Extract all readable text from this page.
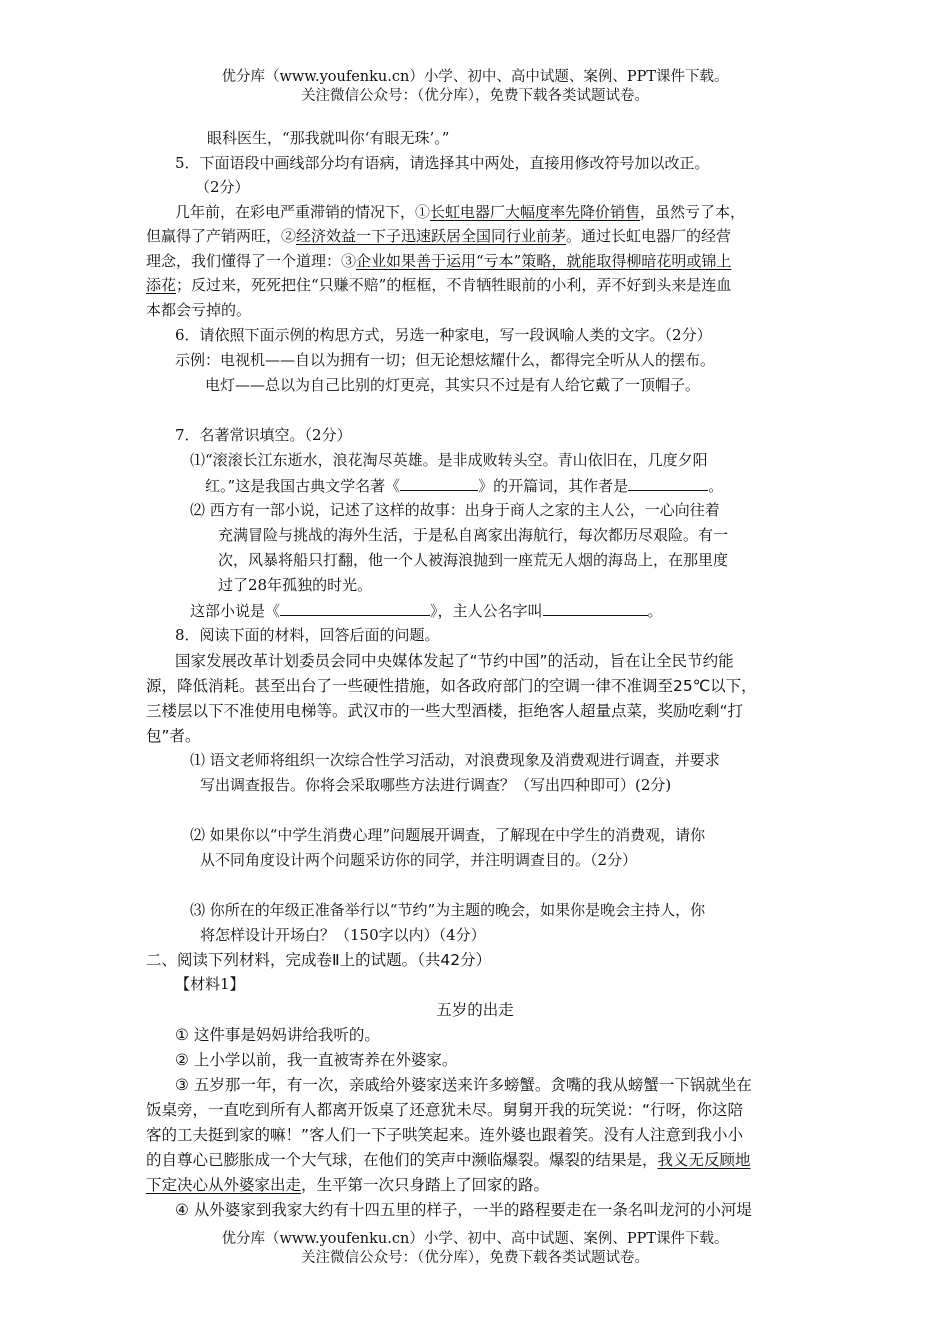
优分库（www.youfenku.cn）小学、初中、高中试题、案例、PPT课件下载。
关注微信公众号：（优分库），免费下载各类试题试卷。
眼科医生，“那我就叫你‘有眼无珠’。”
5．下面语段中画线部分均有语病，请选择其中两处，直接用修改符号加以改正。
（2分）
几年前，在彩电严重滞销的情况下，①长虹电器厂大幅度率先降价销售，虽然亏了本，
但赢得了产销两旺，②经济效益一下子迅速跃居全国同行业前茅。通过长虹电器厂的经营
理念，我们懂得了一个道理：③企业如果善于运用“亏本”策略，就能取得柳暗花明或锦上
添花；反过来，死死把住“只赚不赔”的框框，不肯牺牲眼前的小利，弄不好到头来是连血
本都会亏掉的。
6．请依照下面示例的构思方式，另选一种家电，写一段讽喻人类的文字。（2分）
示例：电视机——自以为拥有一切；但无论想炫耀什么，都得完全听从人的摆布。
电灯——总以为自己比别的灯更亮，其实只不过是有人给它戴了一顶帽子。
7．名著常识填空。（2分）
⑴“滚滚长江东逝水，浪花淘尽英雄。是非成败转头空。青山依旧在，几度夕阳
红。”这是我国古典文学名著《	》的开篇词，其作者是	。
⑵ 西方有一部小说，记述了这样的故事：出身于商人之家的主人公，一心向往着
充满冒险与挑战的海外生活，于是私自离家出海航行，每次都历尽艰险。有一
次，风暴将船只打翻，他一个人被海浪抛到一座荒无人烟的海岛上，在那里度
过了28年孤独的时光。
这部小说是《	》，主人公名字叫	。
8．阅读下面的材料，回答后面的问题。
国家发展改革计划委员会同中央媒体发起了“节约中国”的活动，旨在让全民节约能
源，降低消耗。甚至出台了一些硬性措施，如各政府部门的空调一律不准调至25℃以下，
三楼层以下不准使用电梯等。武汉市的一些大型酒楼，拒绝客人超量点菜，奖励吃剩“打
包”者。
⑴ 语文老师将组织一次综合性学习活动，对浪费现象及消费观进行调查，并要求
写出调查报告。你将会采取哪些方法进行调查？（写出四种即可）(2分)
⑵ 如果你以“中学生消费心理”问题展开调查，了解现在中学生的消费观，请你
从不同角度设计两个问题采访你的同学，并注明调查目的。（2分）
⑶ 你所在的年级正准备举行以“节约”为主题的晚会，如果你是晚会主持人，你
将怎样设计开场白？（150字以内）（4分）
二、阅读下列材料，完成卷Ⅱ上的试题。（共42分）
【材料1】
五岁的出走
① 这件事是妈妈讲给我听的。
② 上小学以前，我一直被寄养在外婆家。
③ 五岁那一年，有一次，亲戚给外婆家送来许多螃蟹。贪嘴的我从螃蟹一下锅就坐在
饭桌旁，一直吃到所有人都离开饭桌了还意犹未尽。舅舅开我的玩笑说：“行呀，你这陪
客的工夫挺到家的嘛！”客人们一下子哄笑起来。连外婆也跟着笑。没有人注意到我小小
的自尊心已膨胀成一个大气球，在他们的笑声中濒临爆裂。爆裂的结果是，我义无反顾地
下定决心从外婆家出走，生平第一次只身踏上了回家的路。
④ 从外婆家到我家大约有十四五里的样子，一半的路程要走在一条名叫龙河的小河堤
优分库（www.youfenku.cn）小学、初中、高中试题、案例、PPT课件下载。
关注微信公众号：（优分库），免费下载各类试题试卷。
